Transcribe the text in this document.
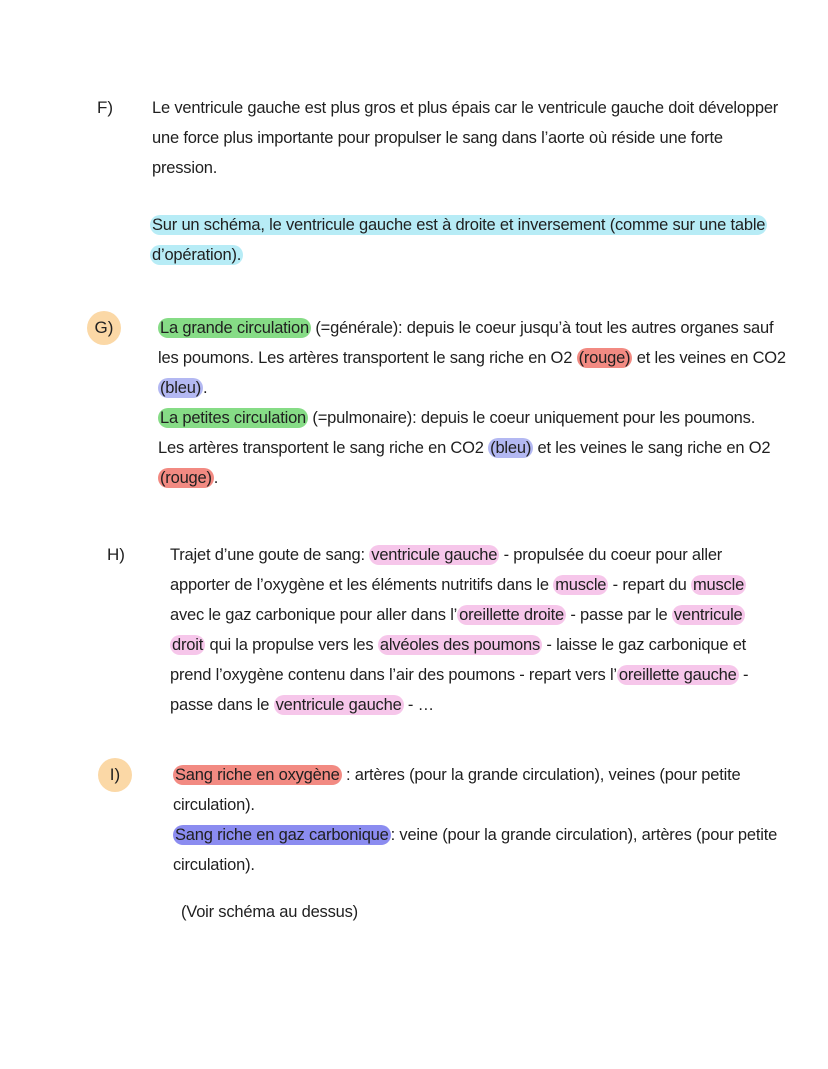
F) Le ventricule gauche est plus gros et plus épais car le ventricule gauche doit développer
une force plus importante pour propulser le sang dans l’aorte où réside une forte
pression.
Sur un schéma, le ventricule gauche est à droite et inversement (comme sur une table
d’opération).
G)	La grande circulation (=générale): depuis le coeur jusqu’à tout les autres organes sauf
les poumons. Les artères transportent le sang riche en O2 (rouge) et les veines en CO2
(bleu) .
La petites circulation (=pulmonaire): depuis le coeur uniquement pour les poumons.
Les artères transportent le sang riche en CO2 (bleu) et les veines le sang riche en O2
(rouge) .
H)	Trajet d’une goute de sang: ventricule gauche - propulsée du coeur pour aller
apporter de l’oxygène et les éléments nutritifs dans le muscle - repart du muscle
avec le gaz carbonique pour aller dans l’ oreillette droite - passe par le ventricule
droit qui la propulse vers les alvéoles des poumons - laisse le gaz carbonique et
prend l’oxygène contenu dans l’air des poumons - repart vers l’ oreillette gauche -
passe dans le ventricule gauche - …
I)	Sang riche en oxygène : artères (pour la grande circulation), veines (pour petite
circulation).
Sang riche en gaz carbonique : veine (pour la grande circulation), artères (pour petite
circulation).
(Voir schéma au dessus)
